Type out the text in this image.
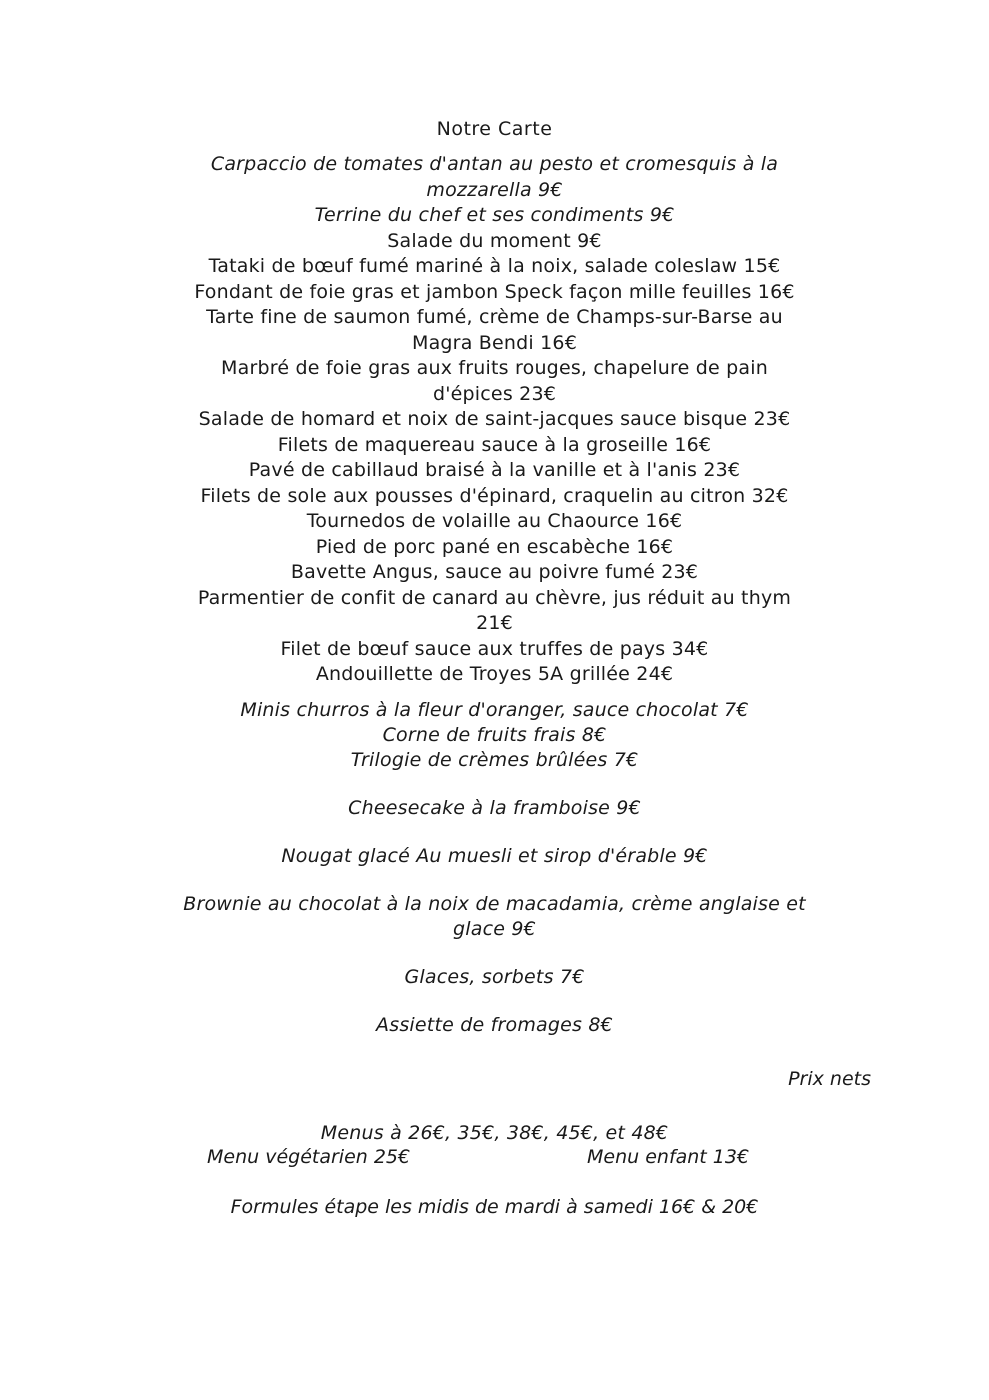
Notre Carte
Carpaccio de tomates d'antan au pesto et cromesquis à la
mozzarella 9€
Terrine du chef et ses condiments 9€
Salade du moment 9€
Tataki de bœuf fumé mariné à la noix, salade coleslaw 15€
Fondant de foie gras et jambon Speck façon mille feuilles 16€
Tarte fine de saumon fumé, crème de Champs-sur-Barse au
Magra Bendi 16€
Marbré de foie gras aux fruits rouges, chapelure de pain
d'épices 23€
Salade de homard et noix de saint-jacques sauce bisque 23€
Filets de maquereau sauce à la groseille 16€
Pavé de cabillaud braisé à la vanille et à l'anis 23€
Filets de sole aux pousses d'épinard, craquelin au citron 32€
Tournedos de volaille au Chaource 16€
Pied de porc pané en escabèche 16€
Bavette Angus, sauce au poivre fumé 23€
Parmentier de confit de canard au chèvre, jus réduit au thym
21€
Filet de bœuf sauce aux truffes de pays 34€
Andouillette de Troyes 5A grillée 24€
Minis churros à la fleur d'oranger, sauce chocolat 7€
Corne de fruits frais 8€
Trilogie de crèmes brûlées 7€
Cheesecake à la framboise 9€
Nougat glacé Au muesli et sirop d'érable 9€
Brownie au chocolat à la noix de macadamia, crème anglaise et
glace 9€
Glaces, sorbets 7€
Assiette de fromages 8€
Prix nets
Menus à 26€, 35€, 38€, 45€, et 48€
Menu végétarien 25€	Menu enfant 13€
Formules étape les midis de mardi à samedi 16€ & 20€
